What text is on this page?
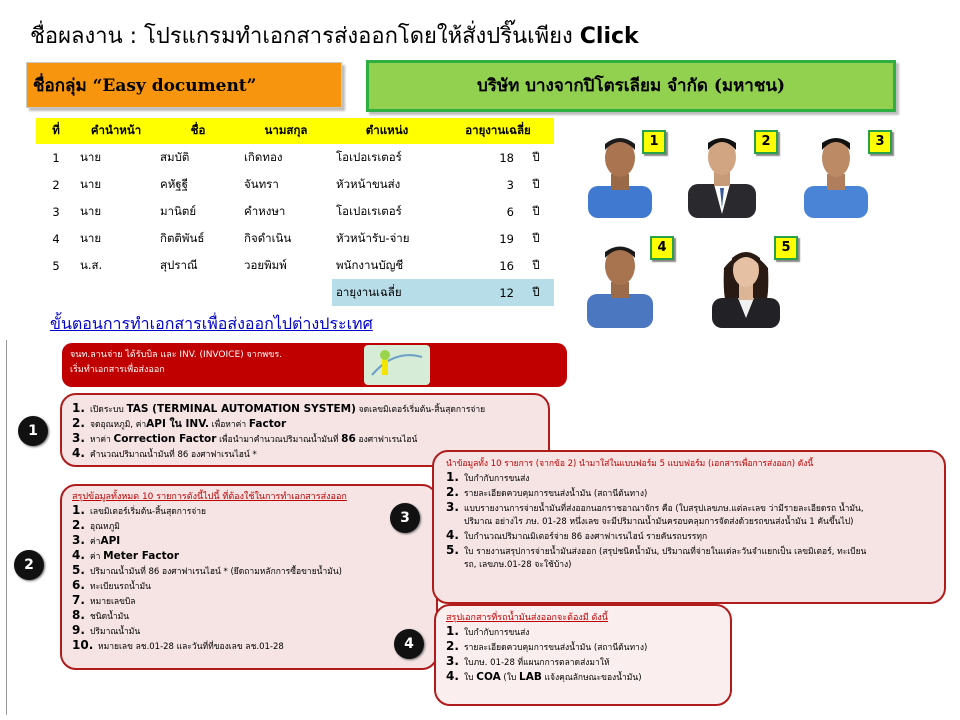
ชื่อผลงาน : โปรแกรมทำเอกสารส่งออกโดยให้สั่งปริ๊นเพียง Click
ชื่อกลุ่ม “Easy document”	บริษัท บางจากปิโตรเลียม จำกัด (มหาชน)
ที่	คำนำหน้า	ชื่อ	นามสกุล	ตำแหน่ง	อายุงานเฉลี่ย	
1	นาย	สมบัติ	เกิดทอง	โอเปอเรเตอร์	18	ปี
2	นาย	คหัฐฐี	จันทรา	หัวหน้าขนส่ง	3	ปี
3	นาย	มานิตย์	คำหงษา	โอเปอเรเตอร์	6	ปี
4	นาย	กิตติพันธ์	กิจดำเนิน	หัวหน้ารับ-จ่าย	19	ปี
5	น.ส.	สุปราณี	วอยพิมพ์	พนักงานบัญชี	16	ปี
				อายุงานเฉลี่ย	12	ปี
1	2	3
4	5
ขั้นตอนการทำเอกสารเพื่อส่งออกไปต่างประเทศ
จนท.ลานจ่าย ได้รับบิล และ INV. (INVOICE) จากพขร.
เริ่มทำเอกสารเพื่อส่งออก
1. เปิดระบบ TAS (TERMINAL AUTOMATION SYSTEM) จดเลขมิเตอร์เริ่มต้น-สิ้นสุดการจ่าย
2. จดอุณหภูมิ, ค่าAPI ใน INV. เพื่อหาค่า Factor
3. หาค่า Correction Factor เพื่อนำมาคำนวณปริมาณน้ำมันที่ 86 องศาฟาเรนไฮน์
4. คำนวณปริมาณน้ำมันที่ 86 องศาฟาเรนไฮน์ *
1
สรุปข้อมูลทั้งหมด 10 รายการดังนี้ไปนี้ ที่ต้องใช้ในการทำเอกสารส่งออก
1. เลขมิเตอร์เริ่มต้น-สิ้นสุดการจ่าย
2. อุณหภูมิ
3. ค่าAPI
4. ค่า Meter Factor
5. ปริมาณน้ำมันที่ 86 องศาฟาเรนไฮน์ * (ยึดถามหลักการซื้อขายน้ำมัน)
6. ทะเบียนรถน้ำมัน
7. หมายเลขบิล
8. ชนิดน้ำมัน
9. ปริมาณน้ำมัน
10. หมายเลข ลช.01-28 และวันที่ที่ของเลข ลช.01-28
2
นำข้อมูลทั้ง 10 รายการ (จากข้อ 2) นำมาใส่ในแบบฟอร์ม 5 แบบฟอร์ม (เอกสารเพื่อการส่งออก) ดังนี้
1. ใบกำกับการขนส่ง
2. รายละเอียดควบคุมการขนส่งน้ำมัน (สถานีต้นทาง)
3. แบบรายงานการจ่ายน้ำมันที่ส่งออกนอกราชอาณาจักร คือ (ใบสรุปเลขภษ.แต่ละเลข ว่ามีรายละเอียดรถ น้ำมัน,
ปริมาณ อย่างไร ภษ. 01-28 หนึ่งเลข จะมีปริมาณน้ำมันครอบคลุมการจัดส่งด้วยรถขนส่งน้ำมัน 1 คันขึ้นไป)
4. ใบกำนวณปริมาณมิเตอร์จ่าย 86 องศาฟาเรนไฮน์ รายคันรถบรรทุก
5. ใบ รายงานสรุปการจ่ายน้ำมันส่งออก (สรุปชนิดน้ำมัน, ปริมาณที่จ่ายในแต่ละวันจำแยกเป็น เลขมิเตอร์, ทะเบียน
รถ, เลขภษ.01-28 จะใช้บ้าง)
3
สรุปเอกสารที่รถน้ำมันส่งออกจะต้องมี ดังนี้
1. ใบกำกับการขนส่ง
2. รายละเอียดควบคุมการขนส่งน้ำมัน (สถานีต้นทาง)
3. ใบภษ. 01-28 ที่แผนกการตลาดส่งมาให้
4. ใบ COA (ใบ LAB แจ้งคุณลักษณะของน้ำมัน)
4
